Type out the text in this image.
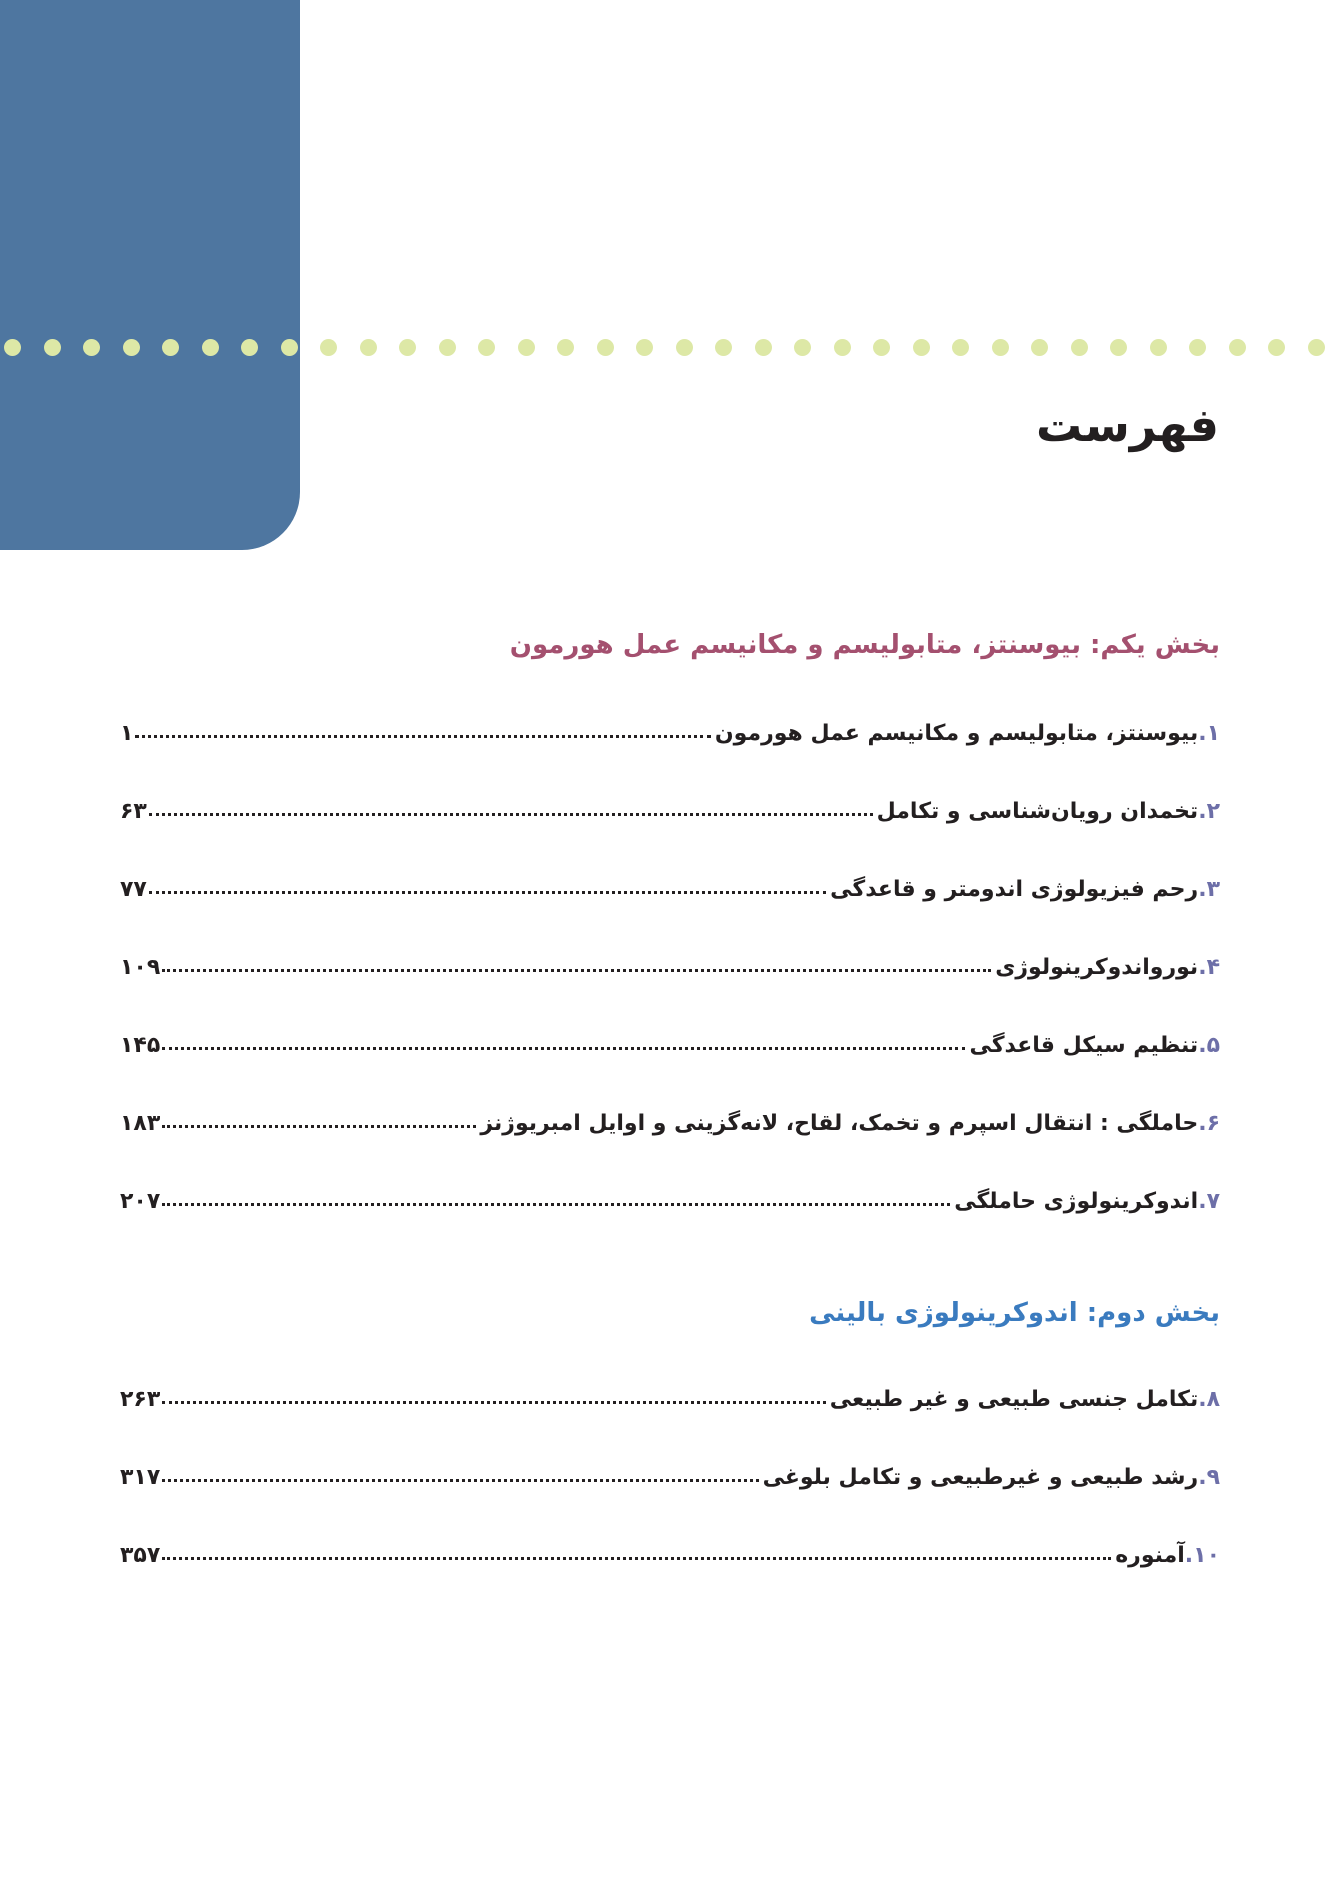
فهرست
بخش یکم: بیوسنتز، متابولیسم و مکانیسم عمل هورمون
۱.
بیوسنتز، متابولیسم و مکانیسم عمل هورمون
۱
۲.
تخمدان رویان‌شناسی و تکامل
۶۳
۳.
رحم فیزیولوژی اندومتر و قاعدگی
۷۷
۴.
نورواندوکرینولوژی
۱۰۹
۵.
تنظیم سیکل قاعدگی
۱۴۵
۶.
حاملگی : انتقال اسپرم و تخمک، لقاح، لانه‌گزینی و اوایل امبریوژنز
۱۸۳
۷.
اندوکرینولوژی حاملگی
۲۰۷
بخش دوم: اندوکرینولوژی بالینی
۸.
تکامل جنسی طبیعی و غیر طبیعی
۲۶۳
۹.
رشد طبیعی و غیرطبیعی و تکامل بلوغی
۳۱۷
۱۰.
آمنوره
۳۵۷
